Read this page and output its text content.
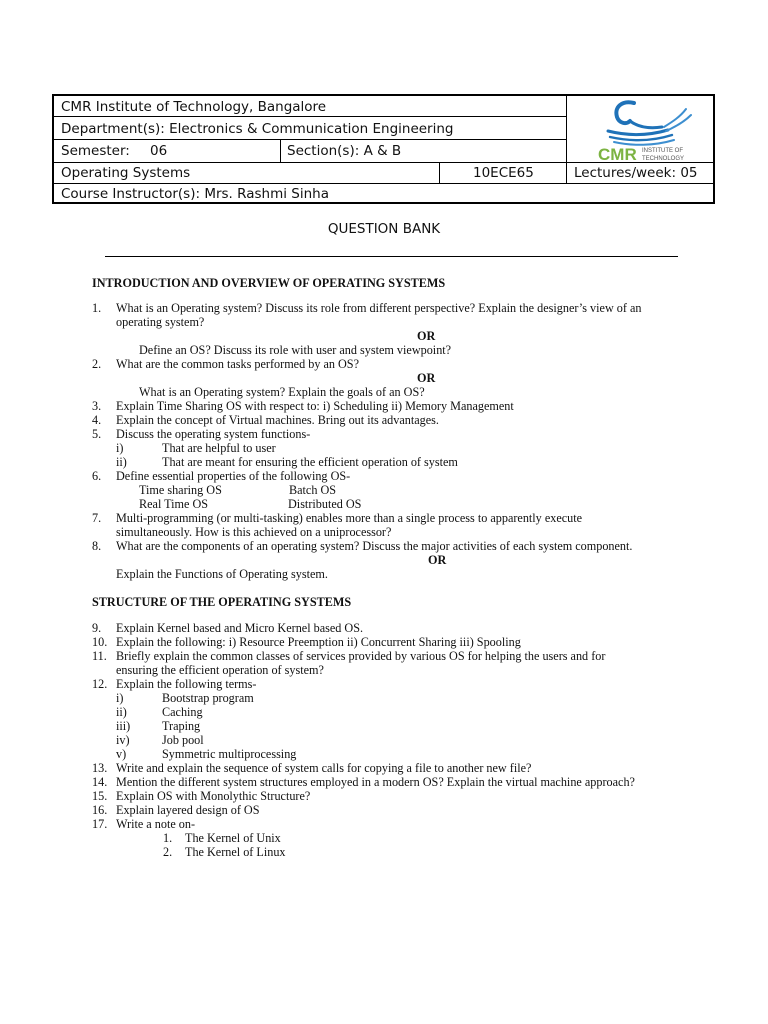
CMR Institute of Technology, Bangalore
Department(s): Electronics & Communication Engineering
Semester:	06	Section(s): A & B
Operating Systems	10ECE65	Lectures/week: 05
Course Instructor(s): Mrs. Rashmi Sinha
CMR INSTITUTE OF
TECHNOLOGY
QUESTION BANK
INTRODUCTION AND OVERVIEW OF OPERATING SYSTEMS
1.	What is an Operating system? Discuss its role from different perspective? Explain the designer’s view of an
operating system?
OR
Define an OS? Discuss its role with user and system viewpoint?
2.	What are the common tasks performed by an OS?
OR
What is an Operating system? Explain the goals of an OS?
3.	Explain Time Sharing OS with respect to: i) Scheduling ii) Memory Management
4.	Explain the concept of Virtual machines. Bring out its advantages.
5.	Discuss the operating system functions-
i)	That are helpful to user
ii)	That are meant for ensuring the efficient operation of system
6.	Define essential properties of the following OS-
Time sharing OS	Batch OS
Real Time OS	Distributed OS
7.	Multi-programming (or multi-tasking) enables more than a single process to apparently execute
simultaneously. How is this achieved on a uniprocessor?
8.	What are the components of an operating system? Discuss the major activities of each system component.
OR
Explain the Functions of Operating system.
STRUCTURE OF THE OPERATING SYSTEMS
9.	Explain Kernel based and Micro Kernel based OS.
10. Explain the following: i) Resource Preemption ii) Concurrent Sharing iii) Spooling
11. Briefly explain the common classes of services provided by various OS for helping the users and for
ensuring the efficient operation of system?
12. Explain the following terms-
i)	Bootstrap program
ii)	Caching
iii)	Traping
iv)	Job pool
v)	Symmetric multiprocessing
13. Write and explain the sequence of system calls for copying a file to another new file?
14. Mention the different system structures employed in a modern OS? Explain the virtual machine approach?
15. Explain OS with Monolythic Structure?
16. Explain layered design of OS
17. Write a note on-
1. The Kernel of Unix
2. The Kernel of Linux
